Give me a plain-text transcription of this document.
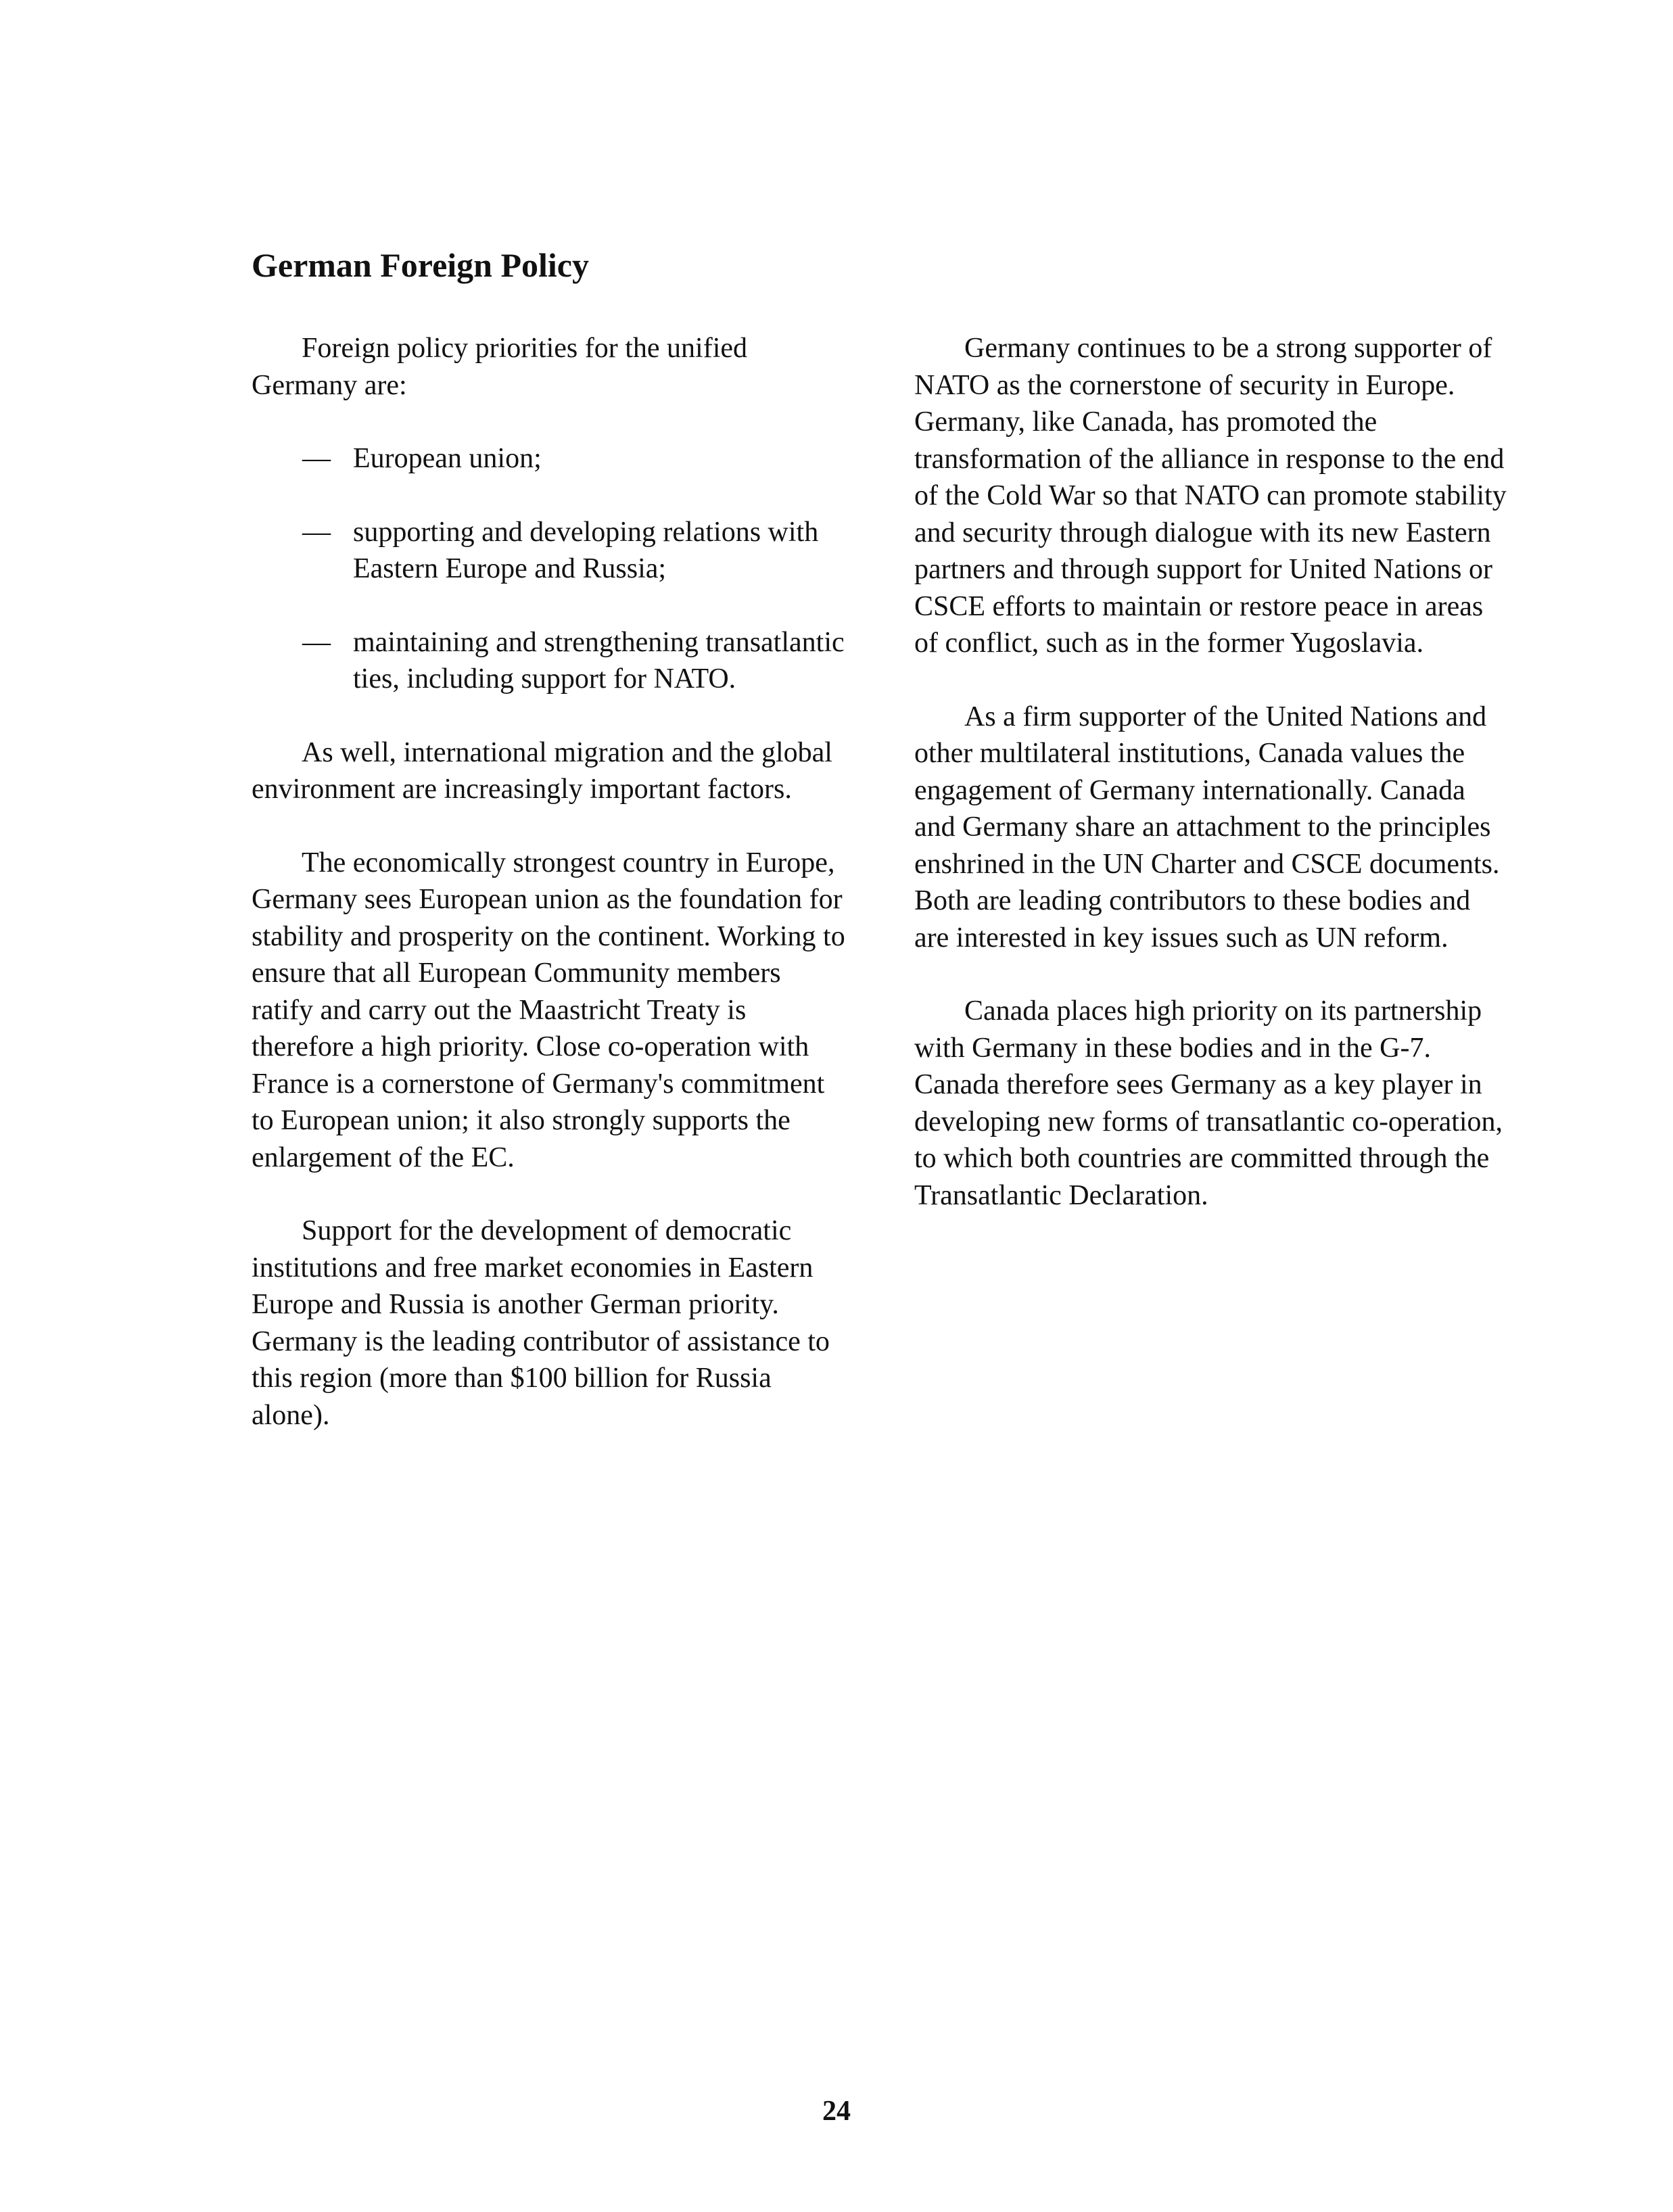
German Foreign Policy

Foreign policy priorities for the unified Germany are:

— European union;
— supporting and developing relations with Eastern Europe and Russia;
— maintaining and strengthening transatlantic ties, including support for NATO.

As well, international migration and the global environment are increasingly important factors.

The economically strongest country in Europe, Germany sees European union as the foundation for stability and prosperity on the continent. Working to ensure that all European Community members ratify and carry out the Maastricht Treaty is therefore a high priority. Close co-operation with France is a cornerstone of Germany's commitment to European union; it also strongly supports the enlargement of the EC.

Support for the development of democratic institutions and free market economies in Eastern Europe and Russia is another German priority. Germany is the leading contributor of assistance to this region (more than $100 billion for Russia alone).

Germany continues to be a strong supporter of NATO as the cornerstone of security in Europe. Germany, like Canada, has promoted the transformation of the alliance in response to the end of the Cold War so that NATO can promote stability and security through dialogue with its new Eastern partners and through support for United Nations or CSCE efforts to maintain or restore peace in areas of conflict, such as in the former Yugoslavia.

As a firm supporter of the United Nations and other multilateral institutions, Canada values the engagement of Germany internationally. Canada and Germany share an attachment to the principles enshrined in the UN Charter and CSCE documents. Both are leading contributors to these bodies and are interested in key issues such as UN reform.

Canada places high priority on its partnership with Germany in these bodies and in the G-7. Canada therefore sees Germany as a key player in developing new forms of transatlantic co-operation, to which both countries are committed through the Transatlantic Declaration.

24
